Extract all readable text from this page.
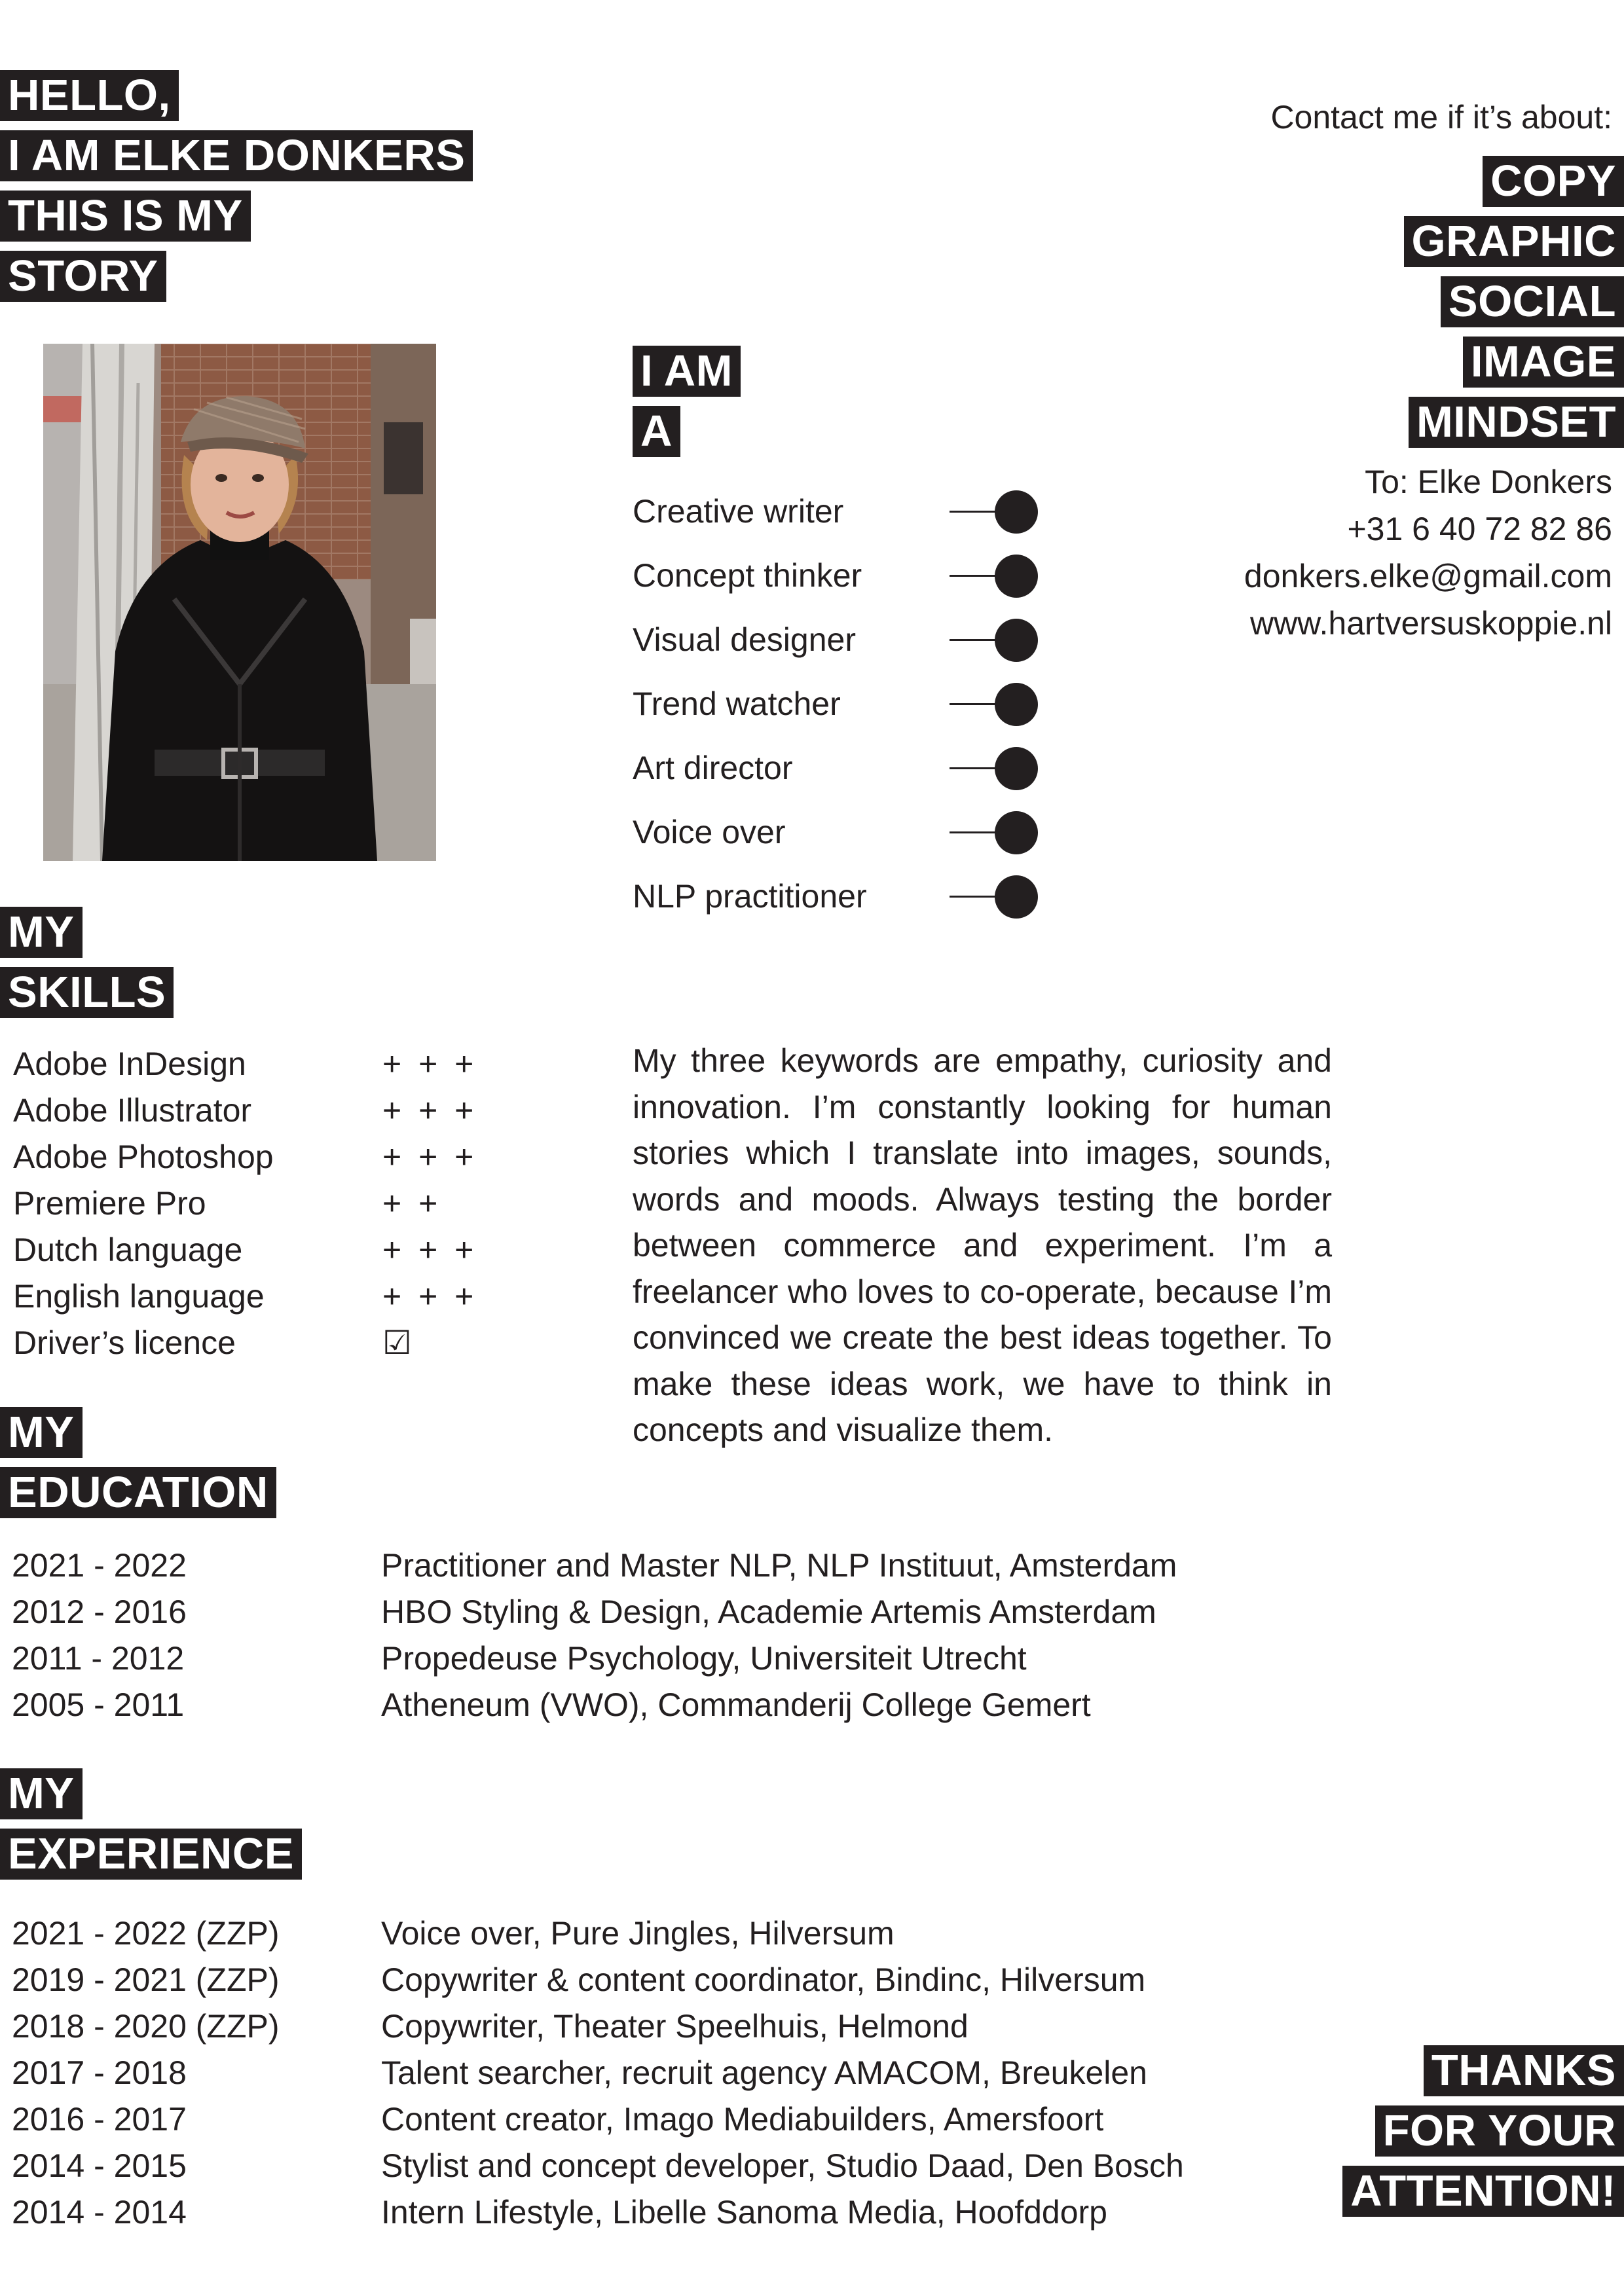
HELLO,
I AM ELKE DONKERS
THIS IS MY
STORY
Contact me if it’s about:
COPY
GRAPHIC
SOCIAL
IMAGE
MINDSET
To: Elke Donkers
+31 6 40 72 82 86
donkers.elke@gmail.com
www.hartversuskoppie.nl
I AM
A
Creative writer
Concept thinker
Visual designer
Trend watcher
Art director
Voice over
NLP practitioner
MY
SKILLS
Adobe InDesign	+ + +
Adobe Illustrator	+ + +
Adobe Photoshop	+ + +
Premiere Pro	+ +
Dutch language	+ + +
English language	+ + +
Driver’s licence	☑
My three keywords are empathy, curiosity and innovation. I’m constantly looking for human stories which I translate into images, sounds, words and moods. Always testing the border between commerce and experiment. I’m a freelancer who loves to co-operate, because I’m convinced we create the best ideas together. To make these ideas work, we have to think in concepts and visualize them.
MY
EDUCATION
2021 - 2022	Practitioner and Master NLP, NLP Instituut, Amsterdam
2012 - 2016	HBO Styling & Design, Academie Artemis Amsterdam
2011 - 2012	Propedeuse Psychology, Universiteit Utrecht
2005 - 2011	Atheneum (VWO), Commanderij College Gemert
MY
EXPERIENCE
2021 - 2022 (ZZP)	Voice over, Pure Jingles, Hilversum
2019 - 2021 (ZZP)	Copywriter & content coordinator, Bindinc, Hilversum
2018 - 2020 (ZZP)	Copywriter, Theater Speelhuis, Helmond
2017 - 2018	Talent searcher, recruit agency AMACOM, Breukelen
2016 - 2017	Content creator, Imago Mediabuilders, Amersfoort
2014 - 2015	Stylist and concept developer, Studio Daad, Den Bosch
2014 - 2014	Intern Lifestyle, Libelle Sanoma Media, Hoofddorp
THANKS
FOR YOUR
ATTENTION!
